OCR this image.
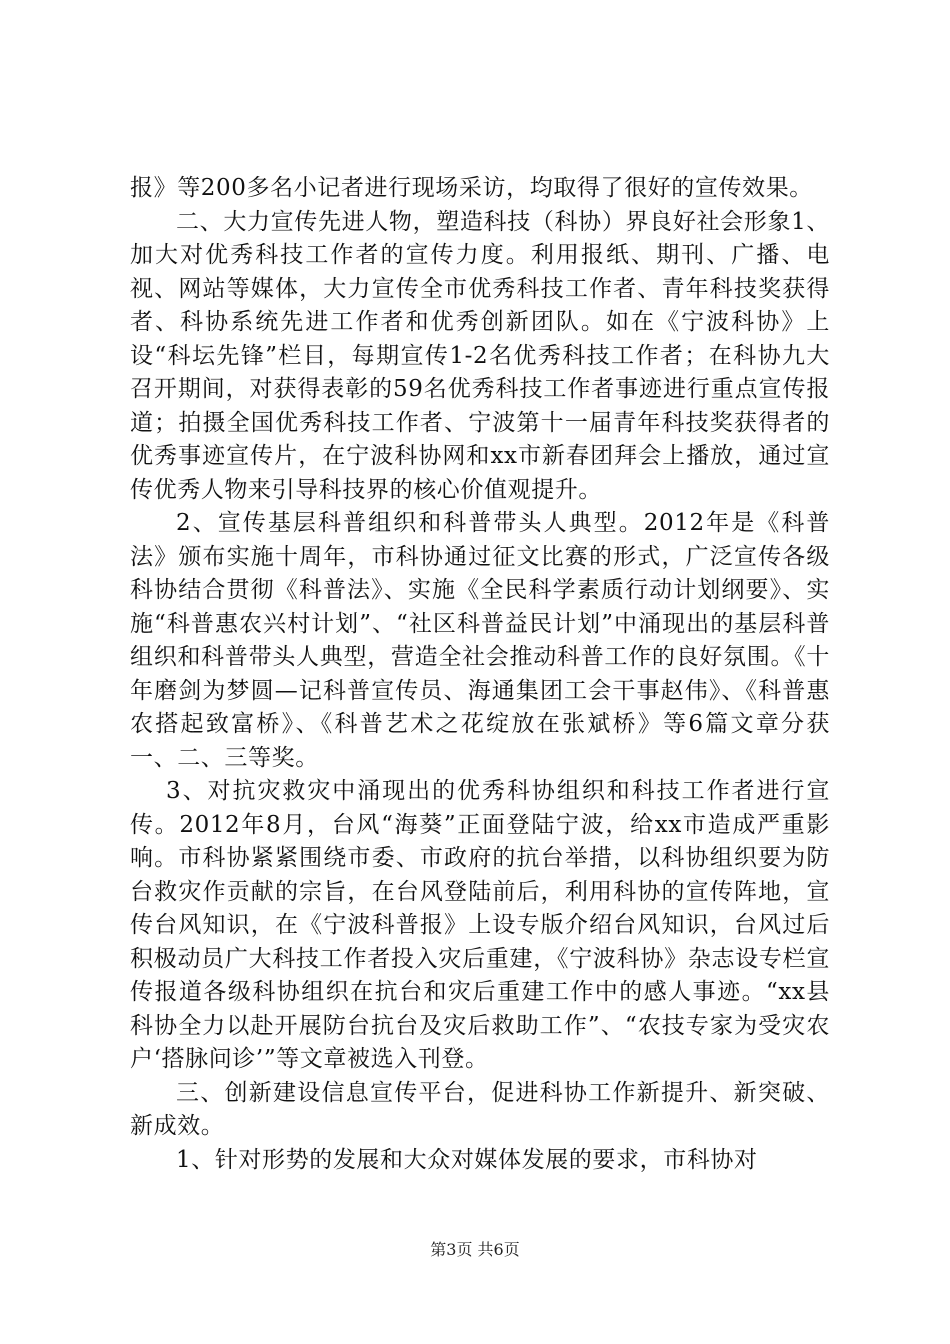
报》等200多名小记者进行现场采访，均取得了很好的宣传效果。

二、大力宣传先进人物，塑造科技（科协）界良好社会形象1、加大对优秀科技工作者的宣传力度。利用报纸、期刊、广播、电视、网站等媒体，大力宣传全市优秀科技工作者、青年科技奖获得者、科协系统先进工作者和优秀创新团队。如在《宁波科协》上设“科坛先锋”栏目，每期宣传1-2名优秀科技工作者；在科协九大召开期间，对获得表彰的59名优秀科技工作者事迹进行重点宣传报道；拍摄全国优秀科技工作者、宁波第十一届青年科技奖获得者的优秀事迹宣传片，在宁波科协网和xx市新春团拜会上播放，通过宣传优秀人物来引导科技界的核心价值观提升。

2、宣传基层科普组织和科普带头人典型。2012年是《科普法》颁布实施十周年，市科协通过征文比赛的形式，广泛宣传各级科协结合贯彻《科普法》、实施《全民科学素质行动计划纲要》、实施“科普惠农兴村计划”、“社区科普益民计划”中涌现出的基层科普组织和科普带头人典型，营造全社会推动科普工作的良好氛围。《十年磨剑为梦圆—记科普宣传员、海通集团工会干事赵伟》、《科普惠农搭起致富桥》、《科普艺术之花绽放在张斌桥》等6篇文章分获一、二、三等奖。

3、对抗灾救灾中涌现出的优秀科协组织和科技工作者进行宣传。2012年8月，台风“海葵”正面登陆宁波，给xx市造成严重影响。市科协紧紧围绕市委、市政府的抗台举措，以科协组织要为防台救灾作贡献的宗旨，在台风登陆前后，利用科协的宣传阵地，宣传台风知识，在《宁波科普报》上设专版介绍台风知识，台风过后积极动员广大科技工作者投入灾后重建，《宁波科协》杂志设专栏宣传报道各级科协组织在抗台和灾后重建工作中的感人事迹。“xx县科协全力以赴开展防台抗台及灾后救助工作”、“农技专家为受灾农户‘搭脉问诊’”等文章被选入刊登。

三、创新建设信息宣传平台，促进科协工作新提升、新突破、新成效。

1、针对形势的发展和大众对媒体发展的要求，市科协对

第3页 共6页
